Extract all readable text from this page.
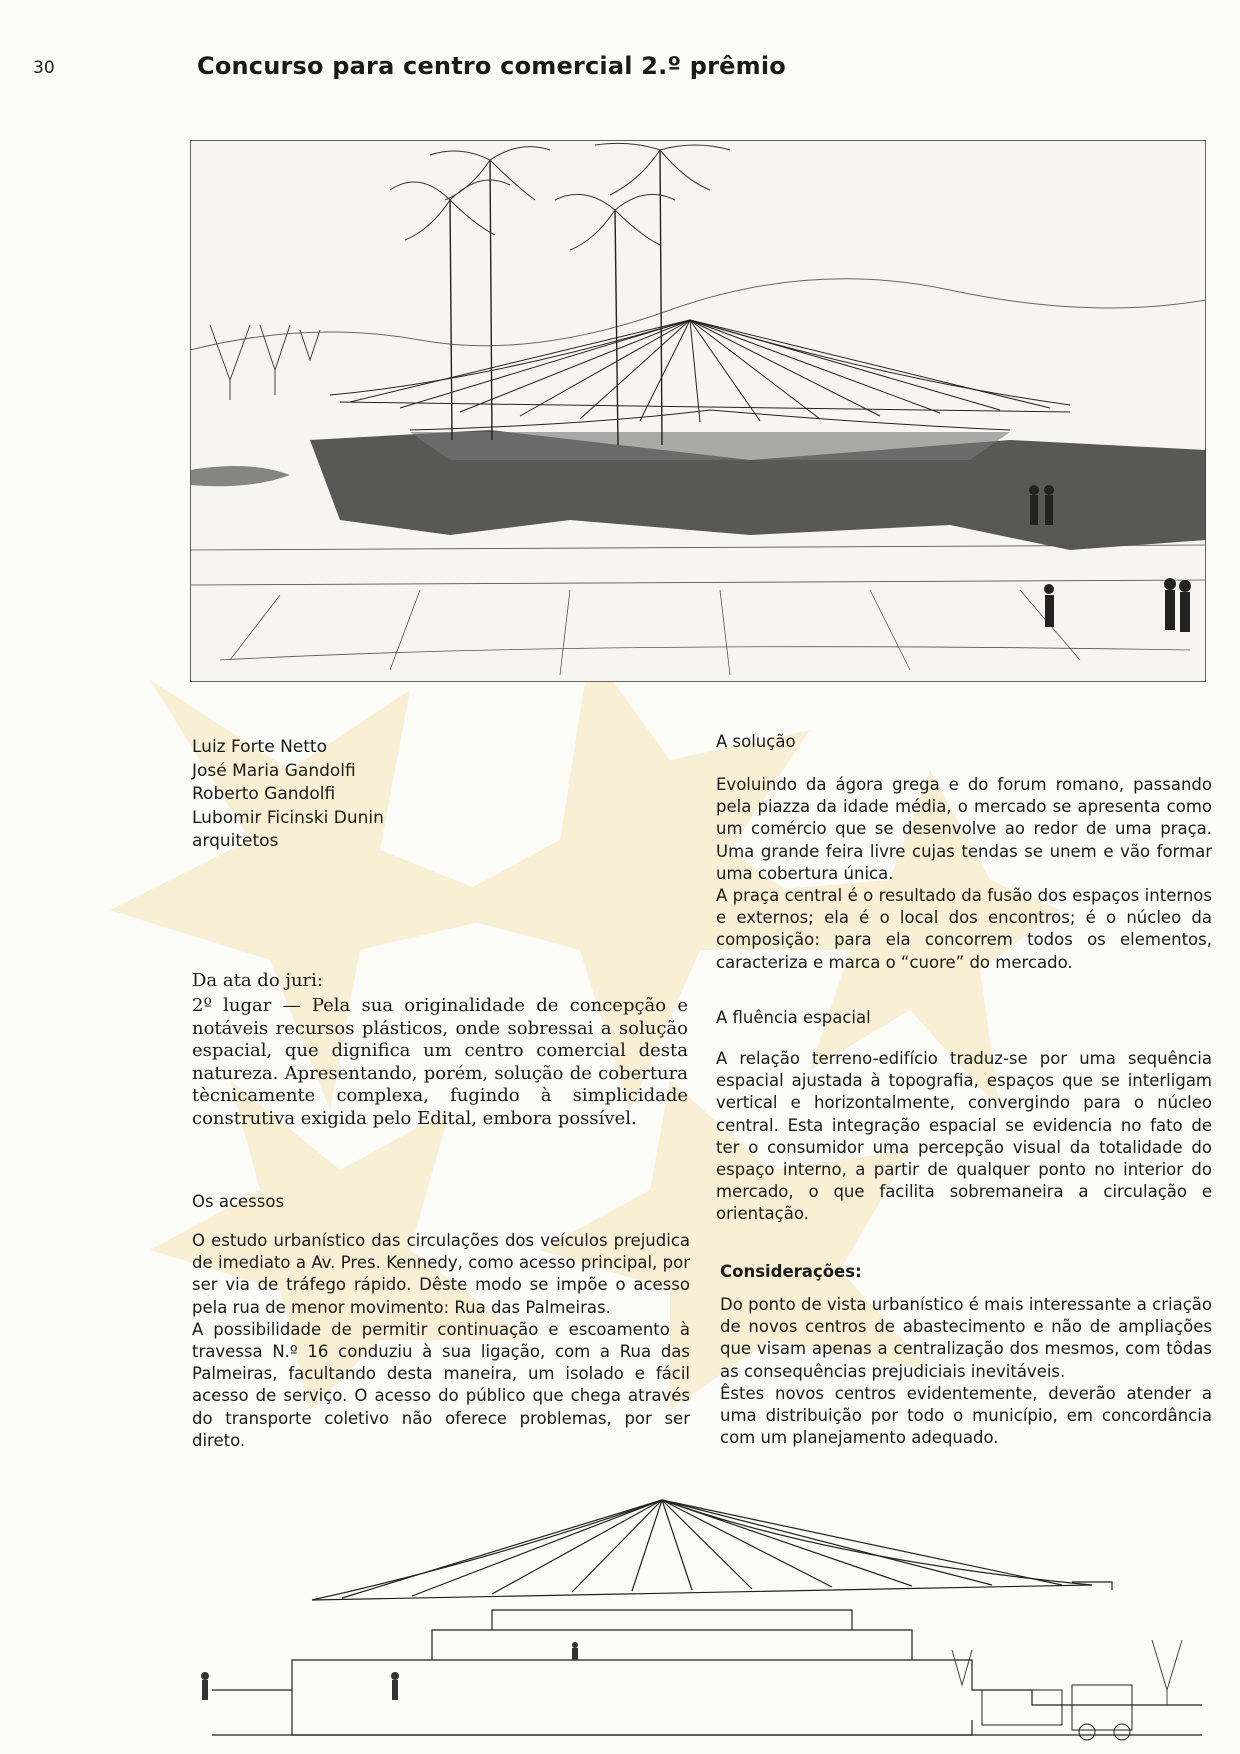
30	Concurso para centro comercial 2.º prêmio
Luiz Forte Netto
José Maria Gandolfi
Roberto Gandolfi
Lubomir Ficinski Dunin
arquitetos
Da ata do juri:
2º lugar — Pela sua originalidade de concepção e notáveis recursos plásticos, onde sobressai a solução espacial, que dignifica um centro comercial desta natureza. Apresentando, porém, solução de cobertura tècnicamente complexa, fugindo à simplicidade construtiva exigida pelo Edital, embora possível.
Os acessos

O estudo urbanístico das circulações dos veículos prejudica de imediato a Av. Pres. Kennedy, como acesso principal, por ser via de tráfego rápido. Dêste modo se impõe o acesso pela rua de menor movimento: Rua das Palmeiras.

A possibilidade de permitir continuação e escoamento à travessa N.º 16 conduziu à sua ligação, com a Rua das Palmeiras, facultando desta maneira, um isolado e fácil acesso de serviço. O acesso do público que chega através do transporte coletivo não oferece problemas, por ser direto.

A solução

Evoluindo da ágora grega e do forum romano, passando pela piazza da idade média, o mercado se apresenta como um comércio que se desenvolve ao redor de uma praça. Uma grande feira livre cujas tendas se unem e vão formar uma cobertura única.

A praça central é o resultado da fusão dos espaços internos e externos; ela é o local dos encontros; é o núcleo da composição: para ela concorrem todos os elementos, caracteriza e marca o “cuore” do mercado.

A fluência espacial

A relação terreno-edifício traduz-se por uma sequência espacial ajustada à topografia, espaços que se interligam vertical e horizontalmente, convergindo para o núcleo central. Esta integração espacial se evidencia no fato de ter o consumidor uma percepção visual da totalidade do espaço interno, a partir de qualquer ponto no interior do mercado, o que facilita sobremaneira a circulação e orientação.

Considerações:

Do ponto de vista urbanístico é mais interessante a criação de novos centros de abastecimento e não de ampliações que visam apenas a centralização dos mesmos, com tôdas as consequências prejudiciais inevitáveis.

Êstes novos centros evidentemente, deverão atender a uma distribuição por todo o município, em concordância com um planejamento adequado.
